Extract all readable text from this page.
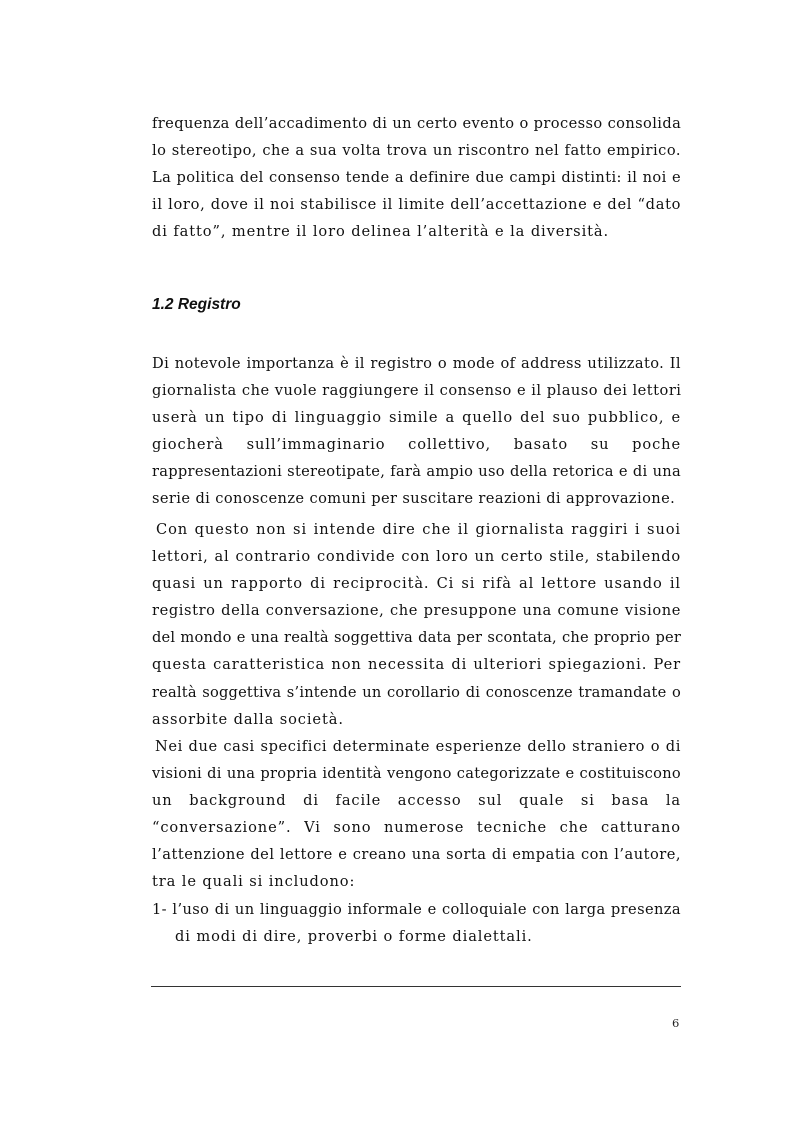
frequenza dell’accadimento di un certo evento o processo consolida
lo stereotipo, che a sua volta trova un riscontro nel fatto empirico.
La politica del consenso tende a definire due campi distinti: il noi e
il loro, dove il noi stabilisce il limite dell’accettazione e del “dato
di fatto”, mentre il loro delinea l’alterità e la diversità.
1.2 Registro
Di notevole importanza è il registro o mode of address utilizzato. Il
giornalista che vuole raggiungere il consenso e il plauso dei lettori
userà un tipo di linguaggio simile a quello del suo pubblico, e
giocherà sull’immaginario collettivo, basato su poche
rappresentazioni stereotipate, farà ampio uso della retorica e di una
serie di conoscenze comuni per suscitare reazioni di approvazione.
Con questo non si intende dire che il giornalista raggiri i suoi
lettori, al contrario condivide con loro un certo stile, stabilendo
quasi un rapporto di reciprocità. Ci si rifà al lettore usando il
registro della conversazione, che presuppone una comune visione
del mondo e una realtà soggettiva data per scontata, che proprio per
questa caratteristica non necessita di ulteriori spiegazioni. Per
realtà soggettiva s’intende un corollario di conoscenze tramandate o
assorbite dalla società.
Nei due casi specifici determinate esperienze dello straniero o di
visioni di una propria identità vengono categorizzate e costituiscono
un background di facile accesso sul quale si basa la
“conversazione”. Vi sono numerose tecniche che catturano
l’attenzione del lettore e creano una sorta di empatia con l’autore,
tra le quali si includono:
1- l’uso di un linguaggio informale e colloquiale con larga presenza
di modi di dire, proverbi o forme dialettali.
6
